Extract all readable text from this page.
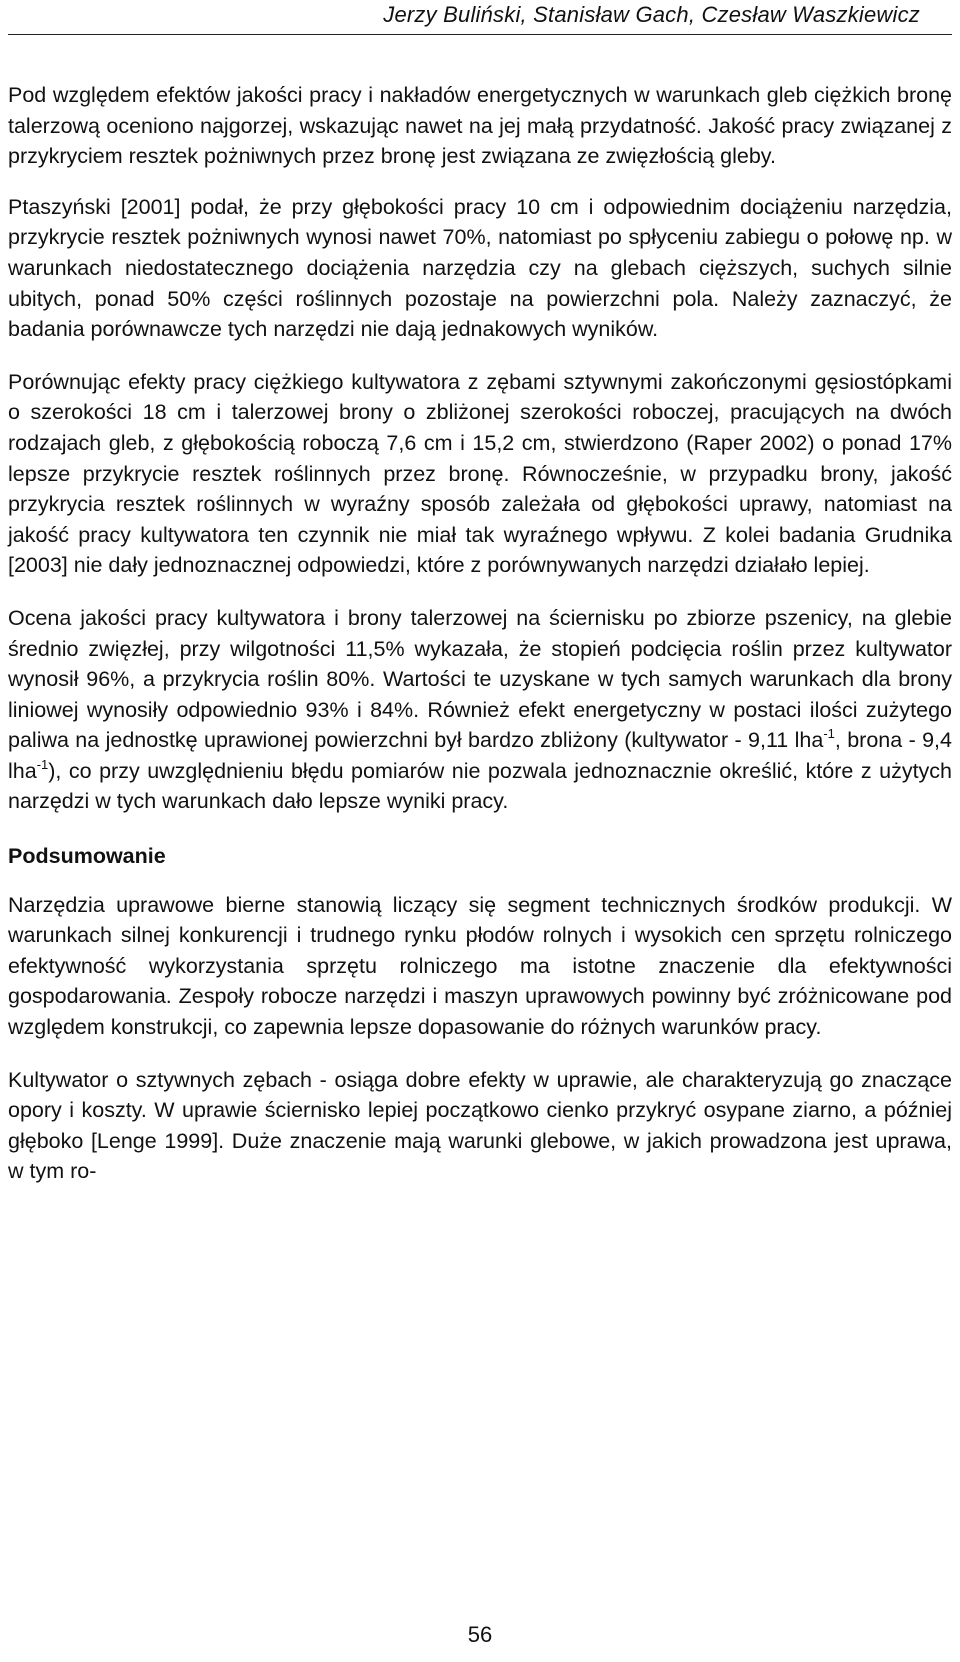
Jerzy Buliński, Stanisław Gach, Czesław Waszkiewicz

Pod względem efektów jakości pracy i nakładów energetycznych w warunkach gleb ciężkich bronę talerzową oceniono najgorzej, wskazując nawet na jej małą przydatność. Jakość pracy związanej z przykryciem resztek pożniwnych przez bronę jest związana ze zwięzłością gleby.

Ptaszyński [2001] podał, że przy głębokości pracy 10 cm i odpowiednim dociążeniu narzędzia, przykrycie resztek pożniwnych wynosi nawet 70%, natomiast po spłyceniu zabiegu o połowę np. w warunkach niedostatecznego dociążenia narzędzia czy na glebach cięższych, suchych silnie ubitych, ponad 50% części roślinnych pozostaje na powierzchni pola. Należy zaznaczyć, że badania porównawcze tych narzędzi nie dają jednakowych wyników.

Porównując efekty pracy ciężkiego kultywatora z zębami sztywnymi zakończonymi gęsiostópkami o szerokości 18 cm i talerzowej brony o zbliżonej szerokości roboczej, pracujących na dwóch rodzajach gleb, z głębokością roboczą 7,6 cm i 15,2 cm, stwierdzono (Raper 2002) o ponad 17% lepsze przykrycie resztek roślinnych przez bronę. Równocześnie, w przypadku brony, jakość przykrycia resztek roślinnych w wyraźny sposób zależała od głębokości uprawy, natomiast na jakość pracy kultywatora ten czynnik nie miał tak wyraźnego wpływu. Z kolei badania Grudnika [2003] nie dały jednoznacznej odpowiedzi, które z porównywanych narzędzi działało lepiej.

Ocena jakości pracy kultywatora i brony talerzowej na ściernisku po zbiorze pszenicy, na glebie średnio zwięzłej, przy wilgotności 11,5% wykazała, że stopień podcięcia roślin przez kultywator wynosił 96%, a przykrycia roślin 80%. Wartości te uzyskane w tych samych warunkach dla brony liniowej wynosiły odpowiednio 93% i 84%. Również efekt energetyczny w postaci ilości zużytego paliwa na jednostkę uprawionej powierzchni był bardzo zbliżony (kultywator - 9,11 lha$^{-1}$, brona - 9,4 lha$^{-1}$), co przy uwzględnieniu błędu pomiarów nie pozwala jednoznacznie określić, które z użytych narzędzi w tych warunkach dało lepsze wyniki pracy.

Podsumowanie

Narzędzia uprawowe bierne stanowią liczący się segment technicznych środków produkcji. W warunkach silnej konkurencji i trudnego rynku płodów rolnych i wysokich cen sprzętu rolniczego efektywność wykorzystania sprzętu rolniczego ma istotne znaczenie dla efektywności gospodarowania. Zespoły robocze narzędzi i maszyn uprawowych powinny być zróżnicowane pod względem konstrukcji, co zapewnia lepsze dopasowanie do różnych warunków pracy.

Kultywator o sztywnych zębach - osiąga dobre efekty w uprawie, ale charakteryzują go znaczące opory i koszty. W uprawie ściernisko lepiej początkowo cienko przykryć osypane ziarno, a później głęboko [Lenge 1999]. Duże znaczenie mają warunki glebowe, w jakich prowadzona jest uprawa, w tym ro-

56
